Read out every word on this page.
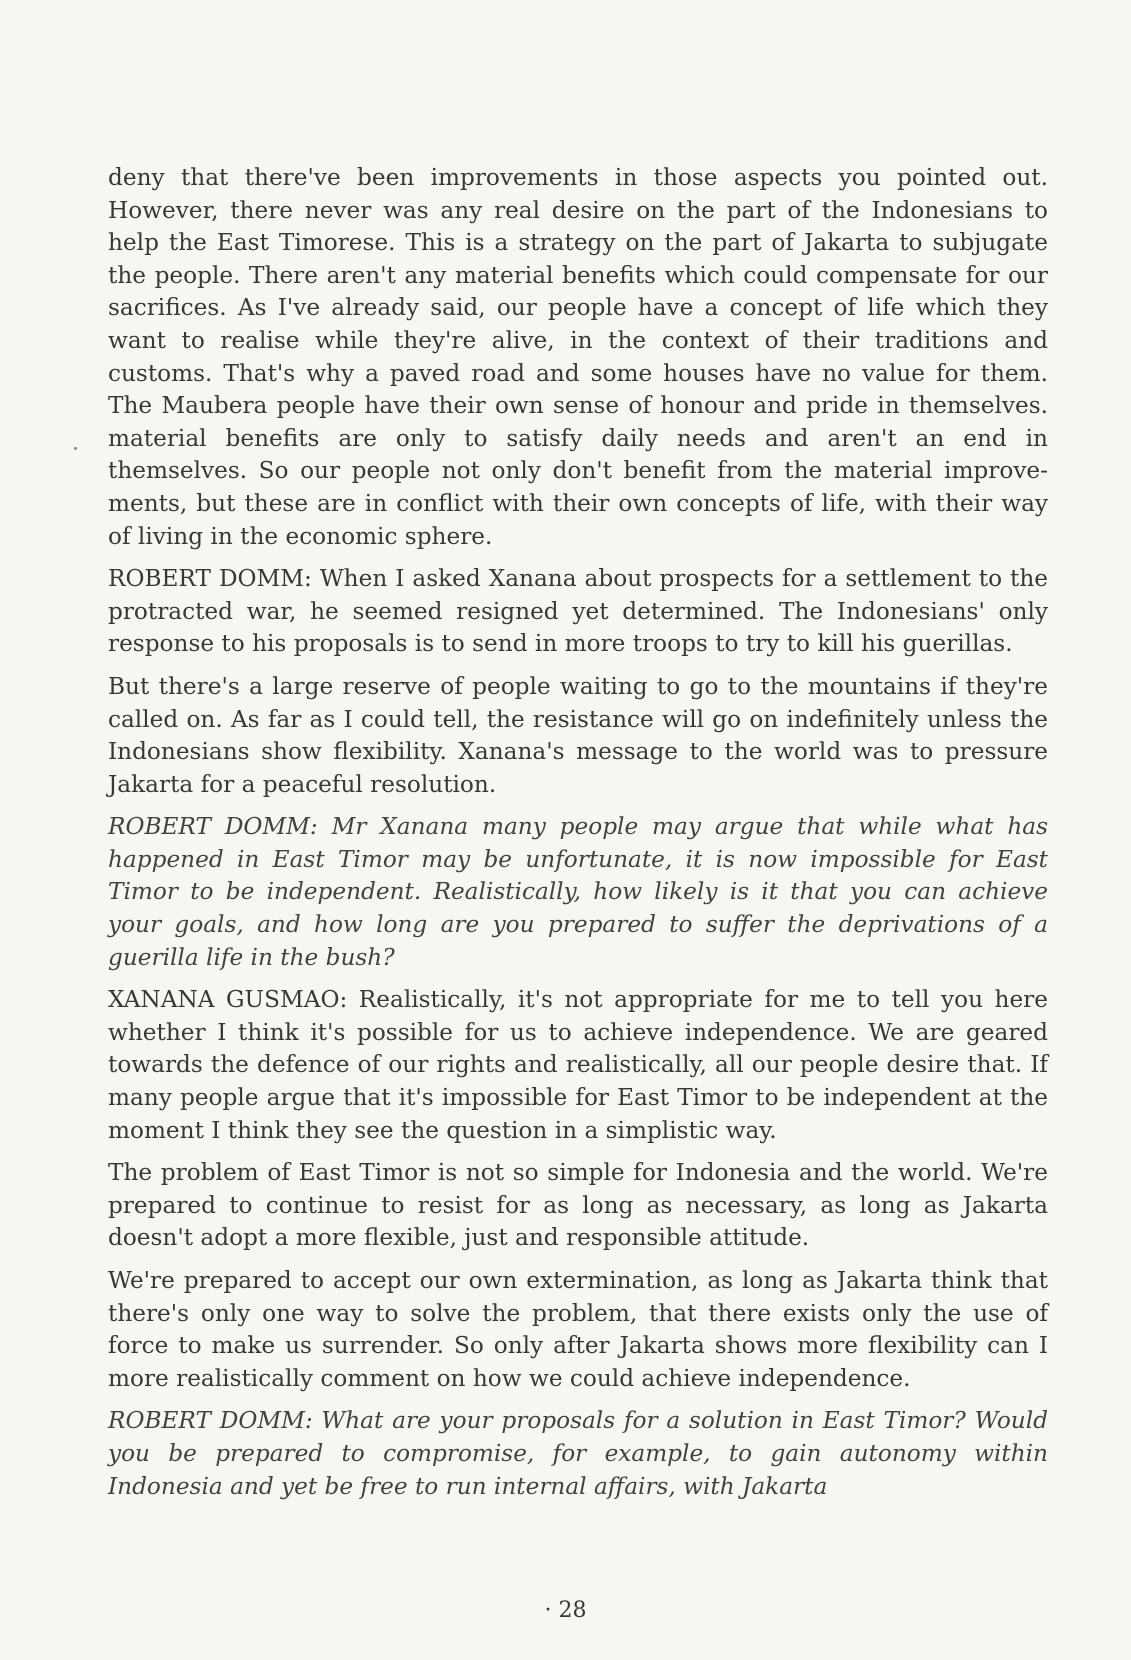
deny that there've been improvements in those aspects you pointed out. However, there never was any real desire on the part of the Indonesians to help the East Timorese. This is a strategy on the part of Jakarta to subjugate the people. There aren't any material benefits which could compensate for our sacrifices. As I've already said, our people have a concept of life which they want to realise while they're alive, in the context of their traditions and customs. That's why a paved road and some houses have no value for them. The Maubera people have their own sense of honour and pride in themselves. material benefits are only to satisfy daily needs and aren't an end in themselves. So our people not only don't benefit from the material improvements, but these are in conflict with their own concepts of life, with their way of living in the economic sphere.

ROBERT DOMM: When I asked Xanana about prospects for a settlement to the protracted war, he seemed resigned yet determined. The Indonesians' only response to his proposals is to send in more troops to try to kill his guerillas.

But there's a large reserve of people waiting to go to the mountains if they're called on. As far as I could tell, the resistance will go on indefinitely unless the Indonesians show flexibility. Xanana's message to the world was to pressure Jakarta for a peaceful resolution.

ROBERT DOMM: Mr Xanana many people may argue that while what has happened in East Timor may be unfortunate, it is now impossible for East Timor to be independent. Realistically, how likely is it that you can achieve your goals, and how long are you prepared to suffer the deprivations of a guerilla life in the bush?

XANANA GUSMAO: Realistically, it's not appropriate for me to tell you here whether I think it's possible for us to achieve independence. We are geared towards the defence of our rights and realistically, all our people desire that. If many people argue that it's impossible for East Timor to be independent at the moment I think they see the question in a simplistic way.

The problem of East Timor is not so simple for Indonesia and the world. We're prepared to continue to resist for as long as necessary, as long as Jakarta doesn't adopt a more flexible, just and responsible attitude.

We're prepared to accept our own extermination, as long as Jakarta think that there's only one way to solve the problem, that there exists only the use of force to make us surrender. So only after Jakarta shows more flexibility can I more realistically comment on how we could achieve independence.

ROBERT DOMM: What are your proposals for a solution in East Timor? Would you be prepared to compromise, for example, to gain autonomy within Indonesia and yet be free to run internal affairs, with Jakarta

· 28
